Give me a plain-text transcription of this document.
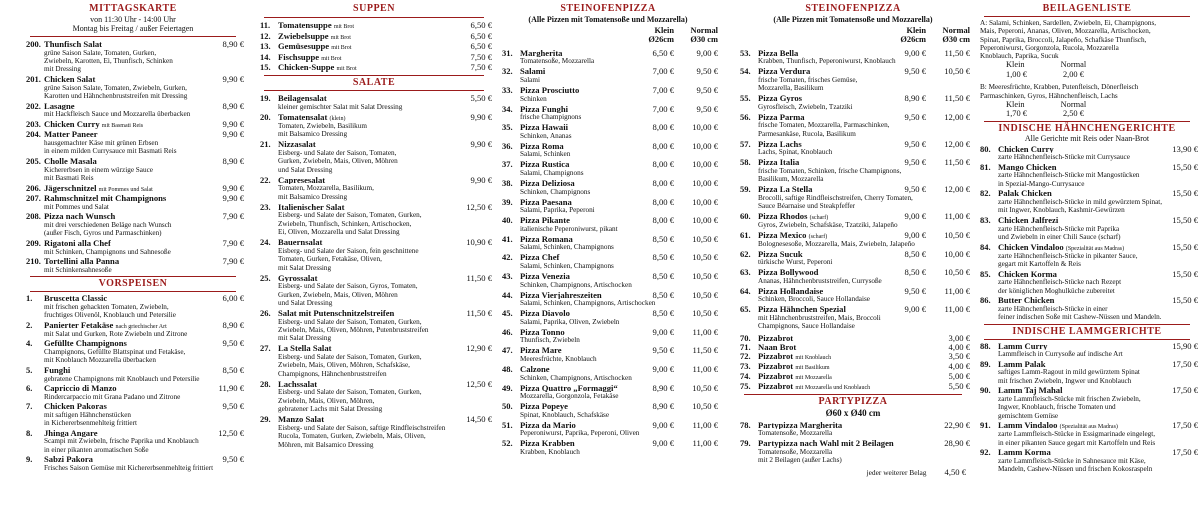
MITTAGSKARTE
von 11:30 Uhr - 14:00 Uhr
Montag bis Freitag / außer Feiertagen
200. Thunfisch Salat	8,90 €
grüne Saison Salate, Tomaten, Gurken,
Zwiebeln, Karotten, Ei, Thunfisch, Schinken
mit Dressing
201. Chicken Salat	9,90 €
grüne Saison Salate, Tomaten, Zwiebeln, Gurken,
Karotten und Hähnchenbruststreifen mit Dressing
202. Lasagne	8,90 €
mit Hackfleisch Sauce und Mozzarella überbacken
203. Chicken Curry mit Basmati Reis	9,90 €
204. Matter Paneer	9,90 €
hausgemachter Käse mit grünen Erbsen
in einem milden Currysauce mit Basmati Reis
205. Cholle Masala	8,90 €
Kichererbsen in einem würzige Sauce
mit Basmati Reis
206. Jägerschnitzel mit Pommes und Salat	9,90 €
207. Rahmschnitzel mit Champignons	9,90 €
mit Pommes und Salat
208. Pizza nach Wunsch	7,90 €
mit drei verschiedenen Beläge nach Wunsch
(außer Fisch, Gyros und Parmaschinken)
209. Rigatoni alla Chef	7,90 €
mit Schinken, Champignons und Sahnesoße
210. Tortellini alla Panna	7,90 €
mit Schinkensahnesoße
VORSPEISEN
1.	Bruscetta Classic	6,00 €
mit frischen gehackten Tomaten, Zwiebeln,
fruchtiges Olivenöl, Knoblauch und Petersilie
2.	Panierter Fetakäse nach griechischer Art	8,90 €
mit Salat und Gurken, Rote Zwiebeln und Zitrone
4.	Gefüllte Champignons	9,50 €
Champignons, Gefüllte Blattspinat und Fetakäse,
mit Knoblauch Mozzarella überbacken
5.	Funghi	8,50 €
gebratene Champignons mit Knoblauch und Petersilie
6.	Capriccio di Manzo	11,90 €
Rindercarpaccio mit Grana Padano und Zitrone
7.	Chicken Pakoras	9,50 €
mit saftigen Hähnchenstücken
in Kichererbsenmehlteig frittiert
8.	Jhinga Angare	12,50 €
Scampi mit Zwiebeln, frische Paprika und Knoblauch
in einer pikanten aromatischen Soße
9.	Sabzi Pakora	9,50 €
Frisches Saison Gemüse mit Kichererbsenmehlteig frittiert
SUPPEN
11. Tomatensuppe mit Brot	6,50 €
12. Zwiebelsuppe mit Brot	6,50 €
13. Gemüsesuppe mit Brot	6,50 €
14. Fischsuppe mit Brot	7,50 €
15. Chicken-Suppe mit Brot	7,50 €
SALATE
19. Beilagensalat	5,50 €
kleiner gemischter Salat mit Salat Dressing
20. Tomatensalat (klein)	9,90 €
Tomaten, Zwiebeln, Basilikum
mit Balsamico Dressing
21. Nizzasalat	9,90 €
Eisberg- und Salate der Saison, Tomaten,
Gurken, Zwiebeln, Mais, Oliven, Möhren
und Salat Dressing
22. Capresesalat	9,90 €
Tomaten, Mozzarella, Basilikum,
mit Balsamico Dressing
23. Italienischer Salat	12,50 €
Eisberg- und Salate der Saison, Tomaten, Gurken,
Zwiebeln, Thunfisch, Schinken, Artischocken,
Ei, Oliven, Mozzarella und Salat Dressing
24. Bauernsalat	10,90 €
Eisberg- und Salate der Saison, fein geschnittene
Tomaten, Gurken, Fetakäse, Oliven,
mit Salat Dressing
25. Gyrossalat	11,50 €
Eisberg- und Salate der Saison, Gyros, Tomaten,
Gurken, Zwiebeln, Mais, Oliven, Möhren
und Salat Dressing
26. Salat mit Putenschnitzelstreifen	11,50 €
Eisberg- und Salate der Saison, Tomaten, Gurken,
Zwiebeln, Mais, Oliven, Möhren, Putenbruststreifen
mit Salat Dressing
27. La Stella Salat	12,90 €
Eisberg- und Salate der Saison, Tomaten, Gurken,
Zwiebeln, Mais, Oliven, Möhren, Schafskäse,
Champignons, Hähnchenbruststreifen
28. Lachssalat	12,50 €
Eisberg- und Salate der Saison, Tomaten, Gurken,
Zwiebeln, Mais, Oliven, Möhren,
gebratener Lachs mit Salat Dressing
29. Manzo Salat	14,50 €
Eisberg- und Salate der Saison, saftige Rindfleischstreifen
Rucola, Tomaten, Gurken, Zwiebeln, Mais, Oliven,
Möhren, mit Balsamico Dressing
STEINOFENPIZZA
(Alle Pizzen mit Tomatensoße und Mozzarella)
Klein	Normal
Ø26cm	Ø30 cm
31. Margherita	6,50 €	9,00 €
Tomatensoße, Mozzarella
32. Salami	7,00 €	9,50 €
Salami
33. Pizza Prosciutto	7,00 €	9,50 €
Schinken
34. Pizza Funghi	7,00 €	9,50 €
frische Champignons
35. Pizza Hawaii	8,00 €	10,00 €
Schinken, Ananas
36. Pizza Roma	8,00 €	10,00 €
Salami, Schinken
37. Pizza Rustica	8,00 €	10,00 €
Salami, Champignons
38. Pizza Deliziosa	8,00 €	10,00 €
Schinken, Champignons
39. Pizza Paesana	8,00 €	10,00 €
Salami, Paprika, Peperoni
40. Pizza Pikante	8,00 €	10,00 €
italienische Peperoniwurst, pikant
41. Pizza Romana	8,50 €	10,50 €
Salami, Schinken, Champignons
42. Pizza Chef	8,50 €	10,50 €
Salami, Schinken, Champignons
43. Pizza Venezia	8,50 €	10,50 €
Schinken, Champignons, Artischocken
44. Pizza Vierjahreszeiten	8,50 €	10,50 €
Salami, Schinken, Champignons, Artischocken
45. Pizza Diavolo	8,50 €	10,50 €
Salami, Paprika, Oliven, Zwiebeln
46. Pizza Tonno	9,00 €	11,00 €
Thunfisch, Zwiebeln
47. Pizza Mare	9,50 €	11,50 €
Meeresfrüchte, Knoblauch
48. Calzone	9,00 €	11,00 €
Schinken, Champignons, Artischocken
49. Pizza Quattro „Formaggi“	8,90 €	10,50 €
Mozzarella, Gorgonzola, Fetakäse
50. Pizza Popeye	8,90 €	10,50 €
Spinat, Knoblauch, Schafskäse
51. Pizza da Mario	9,00 €	11,00 €
Peperoniwurst, Paprika, Peperoni, Oliven
52. Pizza Krabben	9,00 €	11,00 €
Krabben, Knoblauch
STEINOFENPIZZA
(Alle Pizzen mit Tomatensoße und Mozzarella)
Klein	Normal
Ø26cm	Ø30 cm
53. Pizza Bella	9,00 €	11,50 €
Krabben, Thunfisch, Peperoniwurst, Knoblauch
54. Pizza Verdura	9,50 €	10,50 €
frische Tomaten, frisches Gemüse,
Mozzarella, Basilikum
55. Pizza Gyros	8,90 €	11,50 €
Gyrosfleisch, Zwiebeln, Tzatziki
56. Pizza Parma	9,50 €	12,00 €
frische Tomaten, Mozzarella, Parmaschinken,
Parmesankäse, Rucola, Basilikum
57. Pizza Lachs	9,50 €	12,00 €
Lachs, Spinat, Knoblauch
58. Pizza Italia	9,50 €	11,50 €
frische Tomaten, Schinken, frische Champignons,
Basilikum, Mozzarella
59. Pizza La Stella	9,50 €	12,00 €
Brocolli, saftige Rindfleischstreifen, Cherry Tomaten,
Sauce Béarnaise und Steakpfeffer
60. Pizza Rhodos (scharf)	9,00 €	11,00 €
Gyros, Zwiebeln, Schafskäse, Tzatziki, Jalapeño
61. Pizza Mexico (scharf)	9,00 €	10,50 €
Bolognesesoße, Mozzarella, Mais, Zwiebeln, Jalapeño
62. Pizza Sucuk	8,50 €	10,00 €
türkische Wurst, Peperoni
63. Pizza Bollywood	8,50 €	10,50 €
Ananas, Hähnchenbruststreifen, Currysoße
64. Pizza Hollandaise	9,50 €	11,00 €
Schinken, Broccoli, Sauce Hollandaise
65. Pizza Hähnchen Spezial	9,00 €	11,00 €
mit Hähnchenbruststreifen, Mais, Broccoli
Champignons, Sauce Hollandaise
70. Pizzabrot	3,00 €
71. Naan Brot	4,00 €
72. Pizzabrot mit Knoblauch	3,50 €
73. Pizzabrot mit Basilikum	4,00 €
74. Pizzabrot mit Mozzarella	5,00 €
75. Pizzabrot mit Mozzarella und Knoblauch	5,50 €
PARTYPIZZA
Ø60 x Ø40 cm
78. Partypizza Margherita	22,90 €
Tomatensoße, Mozzarella
79. Partypizza nach Wahl mit 2 Beilagen	28,90 €
Tomatensoße, Mozzarella
mit 2 Beilagen (außer Lachs)
jeder weiterer Belag 4,50 €
BEILAGENLISTE
A: Salami, Schinken, Sardellen, Zwiebeln, Ei, Champignons,
Mais, Peperoni, Ananas, Oliven, Mozzarella, Artischocken,
Spinat, Paprika, Broccoli, Jalapeño, Schafkäse Thunfisch,
Peperoniwurst, Gorgonzola, Rucola, Mozzarella
Knoblauch, Paprika, Sucuk
Klein	Normal
1,00 €	2,00 €
B: Meeresfrüchte, Krabben, Putenfleisch, Dönerfleisch
Parmaschinken, Gyros, Hähnchenfleisch, Lachs
Klein	Normal
1,70 €	2,50 €
INDISCHE HÄHNCHENGERICHTE
Alle Gerichte mit Reis oder Naan-Brot
80. Chicken Curry	13,90 €
zarte Hähnchenfleisch-Stücke mit Currysauce
81. Mango Chicken	15,50 €
zarte Hähnchenfleisch-Stücke mit Mangostücken
in Spezial-Mango-Currysauce
82. Palak Chicken	15,50 €
zarte Hähnchenfleisch-Stücke in mild gewürztem Spinat,
mit Ingwer, Knoblauch, Kashmir-Gewürzen
83. Chicken Jalfrezi	15,50 €
zarte Hähnchenfleisch-Stücke mit Paprika
und Zwiebeln in einer Chili Sauce (scharf)
84. Chicken Vindaloo (Spezialität aus Madras)	15,50 €
zarte Hähnchenfleisch-Stücke in pikanter Sauce,
gegart mit Kartoffeln & Reis
85. Chicken Korma	15,50 €
zarte Hähnchenfleisch-Stücke nach Rezept
der königlichen Moghulküche zubereitet
86. Butter Chicken	15,50 €
zarte Hähnchenfleisch-Stücke in einer
feiner indischen Soße mit Cashew-Nüssen und Mandeln.
INDISCHE LAMMGERICHTE
88. Lamm Curry	15,90 €
Lammfleisch in Currysoße auf indische Art
89. Lamm Palak	17,50 €
saftiges Lamm-Ragout in mild gewürztem Spinat
mit frischen Zwiebeln, Ingwer und Knoblauch
90. Lamm Taj Mahal	17,50 €
zarte Lammfleisch-Stücke mit frischen Zwiebeln,
Ingwer, Knoblauch, frische Tomaten und
gemischtem Gemüse
91. Lamm Vindaloo (Spezialität aus Madras)	17,50 €
zarte Lammfleisch-Stücke in Essigmarinade eingelegt,
in einer pikanten Sauce gegart mit Kartoffeln und Reis
92. Lamm Korma	17,50 €
zarte Lammfleisch-Stücke in Sahnesauce mit Käse,
Mandeln, Cashew-Nüssen und frischen Kokosraspeln
